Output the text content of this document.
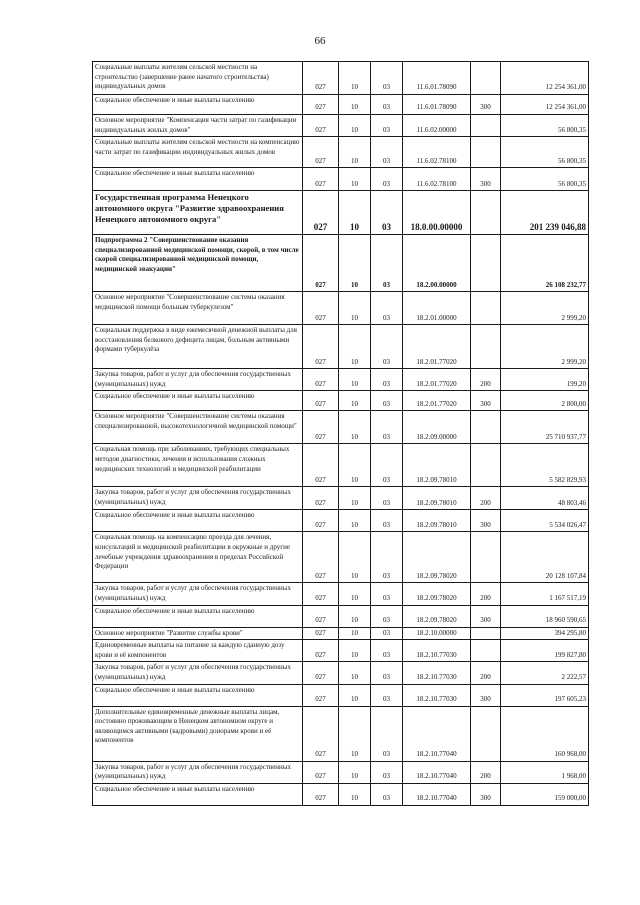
66
Социальные выплаты жителям сельской местности на строительство (завершение ранее начатого строительства) индивидуальных домов	027	10	03	11.6.01.78090		12 254 361,00
Социальное обеспечение и иные выплаты населению	027	10	03	11.6.01.78090	300	12 254 361,00
Основное мероприятие "Компенсация части затрат по газификации индивидуальных жилых домов"	027	10	03	11.6.02.00000		56 800,35
Социальные выплаты жителям сельской местности на компенсацию части затрат по газификации индивидуальных жилых домов	027	10	03	11.6.02.78100		56 800,35
Социальное обеспечение и иные выплаты населению	027	10	03	11.6.02.78100	300	56 800,35
Государственная программа Ненецкого автономного округа "Развитие здравоохранения Ненецкого автономного округа"	027	10	03	18.0.00.00000		201 239 046,88
Подпрограмма 2 "Совершенствование оказания специализированной медицинской помощи, скорой, в том числе скорой специализированной медицинской помощи, медицинской эвакуации"	027	10	03	18.2.00.00000		26 108 232,77
Основное мероприятие "Совершенствование системы оказания медицинской помощи больным туберкулезом"	027	10	03	18.2.01.00000		2 999,20
Социальная поддержка в виде ежемесячной денежной выплаты для восстановления белкового дефицита лицам, больным активными формами туберкулёза	027	10	03	18.2.01.77020		2 999,20
Закупка товаров, работ и услуг для обеспечения государственных (муниципальных) нужд	027	10	03	18.2.01.77020	200	199,20
Социальное обеспечение и иные выплаты населению	027	10	03	18.2.01.77020	300	2 800,00
Основное мероприятие "Совершенствование системы оказания специализированной, высокотехнологичной медицинской помощи"	027	10	03	18.2.09.00000		25 710 937,77
Социальная помощь при заболеваниях, требующих специальных методов диагностики, лечения и использования сложных медицинских технологий и медицинской реабилитации	027	10	03	18.2.09.78010		5 582 829,93
Закупка товаров, работ и услуг для обеспечения государственных (муниципальных) нужд	027	10	03	18.2.09.78010	200	48 803,46
Социальное обеспечение и иные выплаты населению	027	10	03	18.2.09.78010	300	5 534 026,47
Социальная помощь на компенсацию проезда для лечения, консультаций и медицинской реабилитации в окружные и другие лечебные учреждения здравоохранения в пределах Российской Федерации	027	10	03	18.2.09.78020		20 128 107,84
Закупка товаров, работ и услуг для обеспечения государственных (муниципальных) нужд	027	10	03	18.2.09.78020	200	1 167 517,19
Социальное обеспечение и иные выплаты населению	027	10	03	18.2.09.78020	300	18 960 590,65
Основное мероприятие "Развитие службы крови"	027	10	03	18.2.10.00000		394 295,80
Единовременные выплаты на питание за каждую сданную дозу крови и её компонентов	027	10	03	18.2.10.77030		199 827,80
Закупка товаров, работ и услуг для обеспечения государственных (муниципальных) нужд	027	10	03	18.2.10.77030	200	2 222,57
Социальное обеспечение и иные выплаты населению	027	10	03	18.2.10.77030	300	197 605,23
Дополнительные единовременные денежные выплаты лицам, постоянно проживающим в Ненецком автономном округе и являющимся активными (кадровыми) донорами крови и её компонентов	027	10	03	18.2.10.77040		160 968,00
Закупка товаров, работ и услуг для обеспечения государственных (муниципальных) нужд	027	10	03	18.2.10.77040	200	1 968,00
Социальное обеспечение и иные выплаты населению	027	10	03	18.2.10.77040	300	159 000,00
